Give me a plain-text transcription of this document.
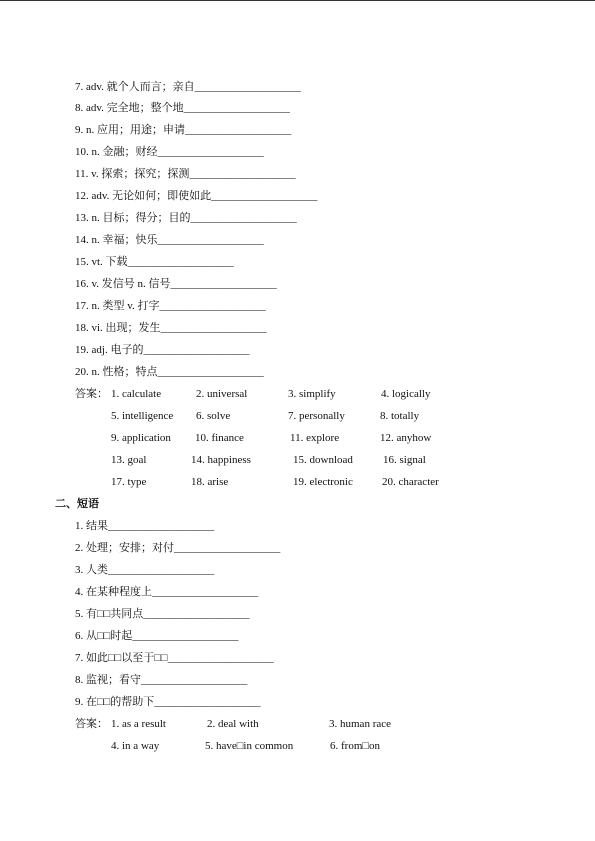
7. adv. 就个人而言；亲自____________________
8. adv. 完全地；整个地____________________
9. n. 应用；用途；申请____________________
10. n. 金融；财经____________________
11. v. 探索；探究；探测____________________
12. adv. 无论如何；即使如此____________________
13. n. 目标；得分；目的____________________
14. n. 幸福；快乐____________________
15. vt. 下载____________________
16. v. 发信号 n. 信号____________________
17. n. 类型 v. 打字____________________
18. vi. 出现；发生____________________
19. adj. 电子的____________________
20. n. 性格；特点____________________
答案： 1. calculate	2. universal	3. simplify	4. logically
5. intelligence 6. solve	7. personally	8. totally
9. application 10. finance	11. explore	12. anyhow
13. goal	14. happiness	15. download	16. signal
17. type	18. arise	19. electronic	20. character
二、短语
1. 结果____________________
2. 处理；安排；对付____________________
3. 人类____________________
4. 在某种程度上____________________
5. 有□□共同点____________________
6. 从□□时起____________________
7. 如此□□以至于□□____________________
8. 监视；看守____________________
9. 在□□的帮助下____________________
答案： 1. as a result	2. deal with	3. human race
4. in a way	5. have□in common	6. from□on
